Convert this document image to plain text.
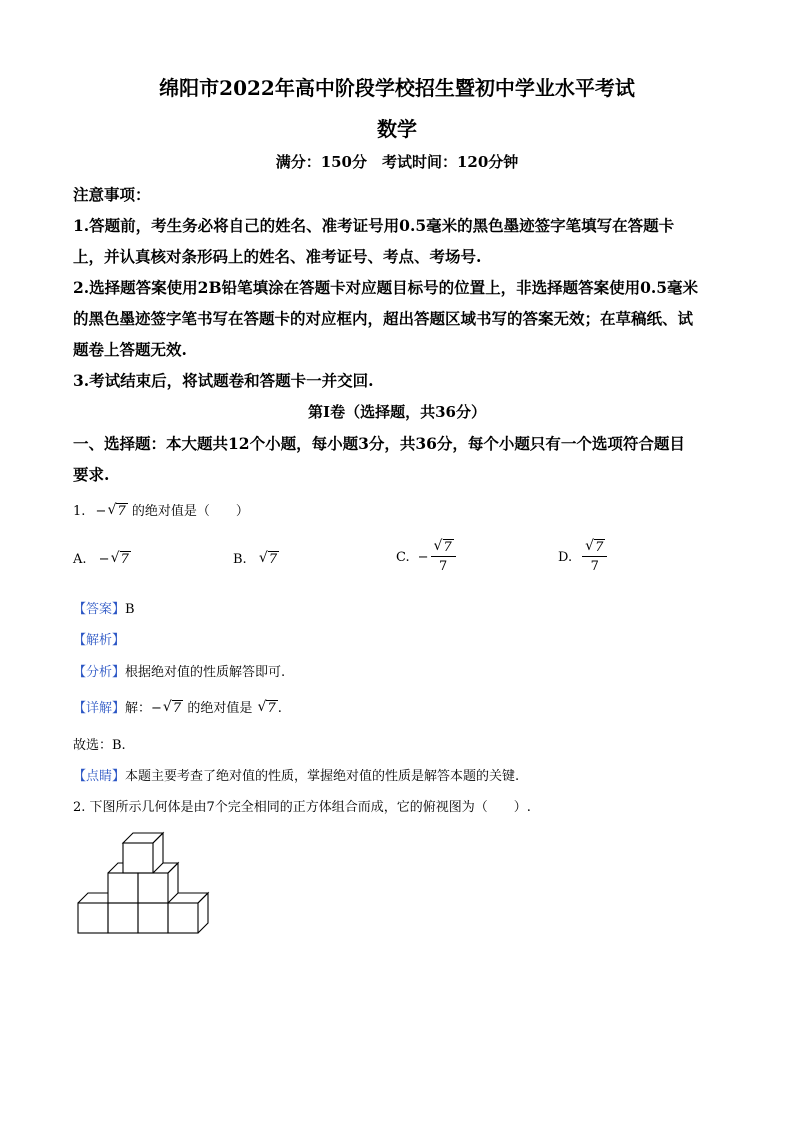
绵阳市2022年高中阶段学校招生暨初中学业水平考试
数学
满分：150分　考试时间：120分钟
注意事项：
1.答题前，考生务必将自己的姓名、准考证号用0.5毫米的黑色墨迹签字笔填写在答题卡
上，并认真核对条形码上的姓名、准考证号、考点、考场号.
2.选择题答案使用2B铅笔填涂在答题卡对应题目标号的位置上，非选择题答案使用0.5毫米
的黑色墨迹签字笔书写在答题卡的对应框内，超出答题区域书写的答案无效；在草稿纸、试
题卷上答题无效.
3.考试结束后，将试题卷和答题卡一并交回.
第Ⅰ卷（选择题，共36分）
一、选择题：本大题共12个小题，每小题3分，共36分，每个小题只有一个选项符合题目
要求.
1. − √ 7 的绝对值是（　　）
A. − √ 7	B. √ 7	C. − $\frac{√ 7}{7}$	D. $\frac{√ 7}{7}$
【答案】B
【解析】
【分析】根据绝对值的性质解答即可.
【详解】解：− √ 7 的绝对值是 √ 7 .
故选：B.
【点睛】本题主要考查了绝对值的性质，掌握绝对值的性质是解答本题的关键.
2. 下图所示几何体是由7个完全相同的正方体组合而成，它的俯视图为（　　）.
